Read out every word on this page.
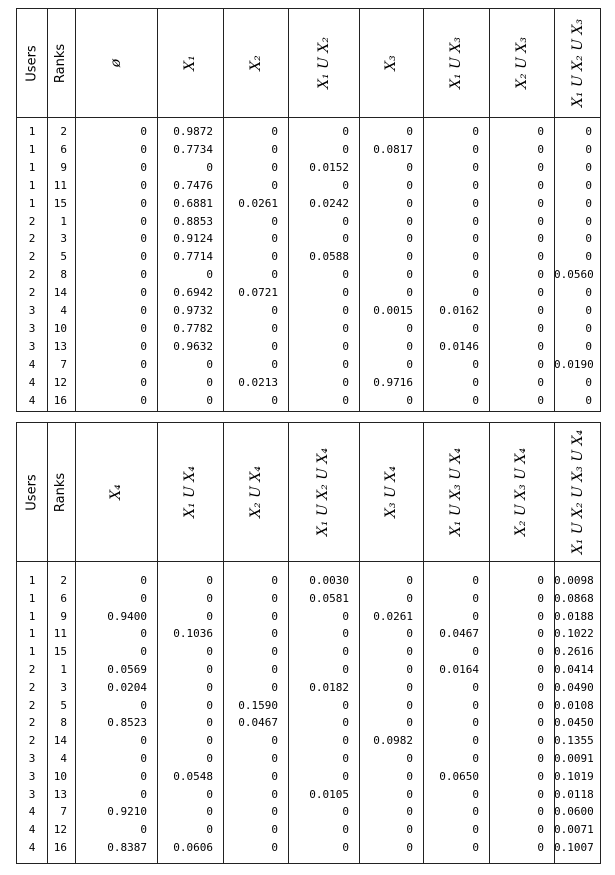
Users Ranks	ø	X₁	X₂	X₁ U X₂	X₃	X₁ U X₃	X₂ U X₃	X₁ U X₂ U X₃
1	2	0	0.9872	0	0	0	0	0	0
1	6	0	0.7734	0	0	0.0817	0	0	0
1	9	0	0	0	0.0152	0	0	0	0
1	11	0	0.7476	0	0	0	0	0	0
1	15	0	0.6881	0.0261	0.0242	0	0	0	0
2	1	0	0.8853	0	0	0	0	0	0
2	3	0	0.9124	0	0	0	0	0	0
2	5	0	0.7714	0	0.0588	0	0	0	0
2	8	0	0	0	0	0	0	0 0.0560
2	14	0	0.6942	0.0721	0	0	0	0	0
3	4	0	0.9732	0	0	0.0015	0.0162	0	0
3	10	0	0.7782	0	0	0	0	0	0
3	13	0	0.9632	0	0	0	0.0146	0	0
4	7	0	0	0	0	0	0	0 0.0190
4	12	0	0	0.0213	0	0.9716	0	0	0
4	16	0	0	0	0	0	0	0	0
Users Ranks	X₄	X₁ U X₄	X₂ U X₄	X₁ U X₂ U X₄	X₃ U X₄	X₁ U X₃ U X₄	X₂ U X₃ U X₄	X₁ U X₂ U X₃ U X₄
1	2	0	0	0	0.0030	0	0	0 0.0098
1	6	0	0	0	0.0581	0	0	0 0.0868
1	9	0.9400	0	0	0	0.0261	0	0 0.0188
1	11	0	0.1036	0	0	0	0.0467	0 0.1022
1	15	0	0	0	0	0	0	0 0.2616
2	1	0.0569	0	0	0	0	0.0164	0 0.0414
2	3	0.0204	0	0	0.0182	0	0	0 0.0490
2	5	0	0	0.1590	0	0	0	0 0.0108
2	8	0.8523	0	0.0467	0	0	0	0 0.0450
2	14	0	0	0	0	0.0982	0	0 0.1355
3	4	0	0	0	0	0	0	0 0.0091
3	10	0	0.0548	0	0	0	0.0650	0 0.1019
3	13	0	0	0	0.0105	0	0	0 0.0118
4	7	0.9210	0	0	0	0	0	0 0.0600
4	12	0	0	0	0	0	0	0 0.0071
4	16	0.8387	0.0606	0	0	0	0	0 0.1007
